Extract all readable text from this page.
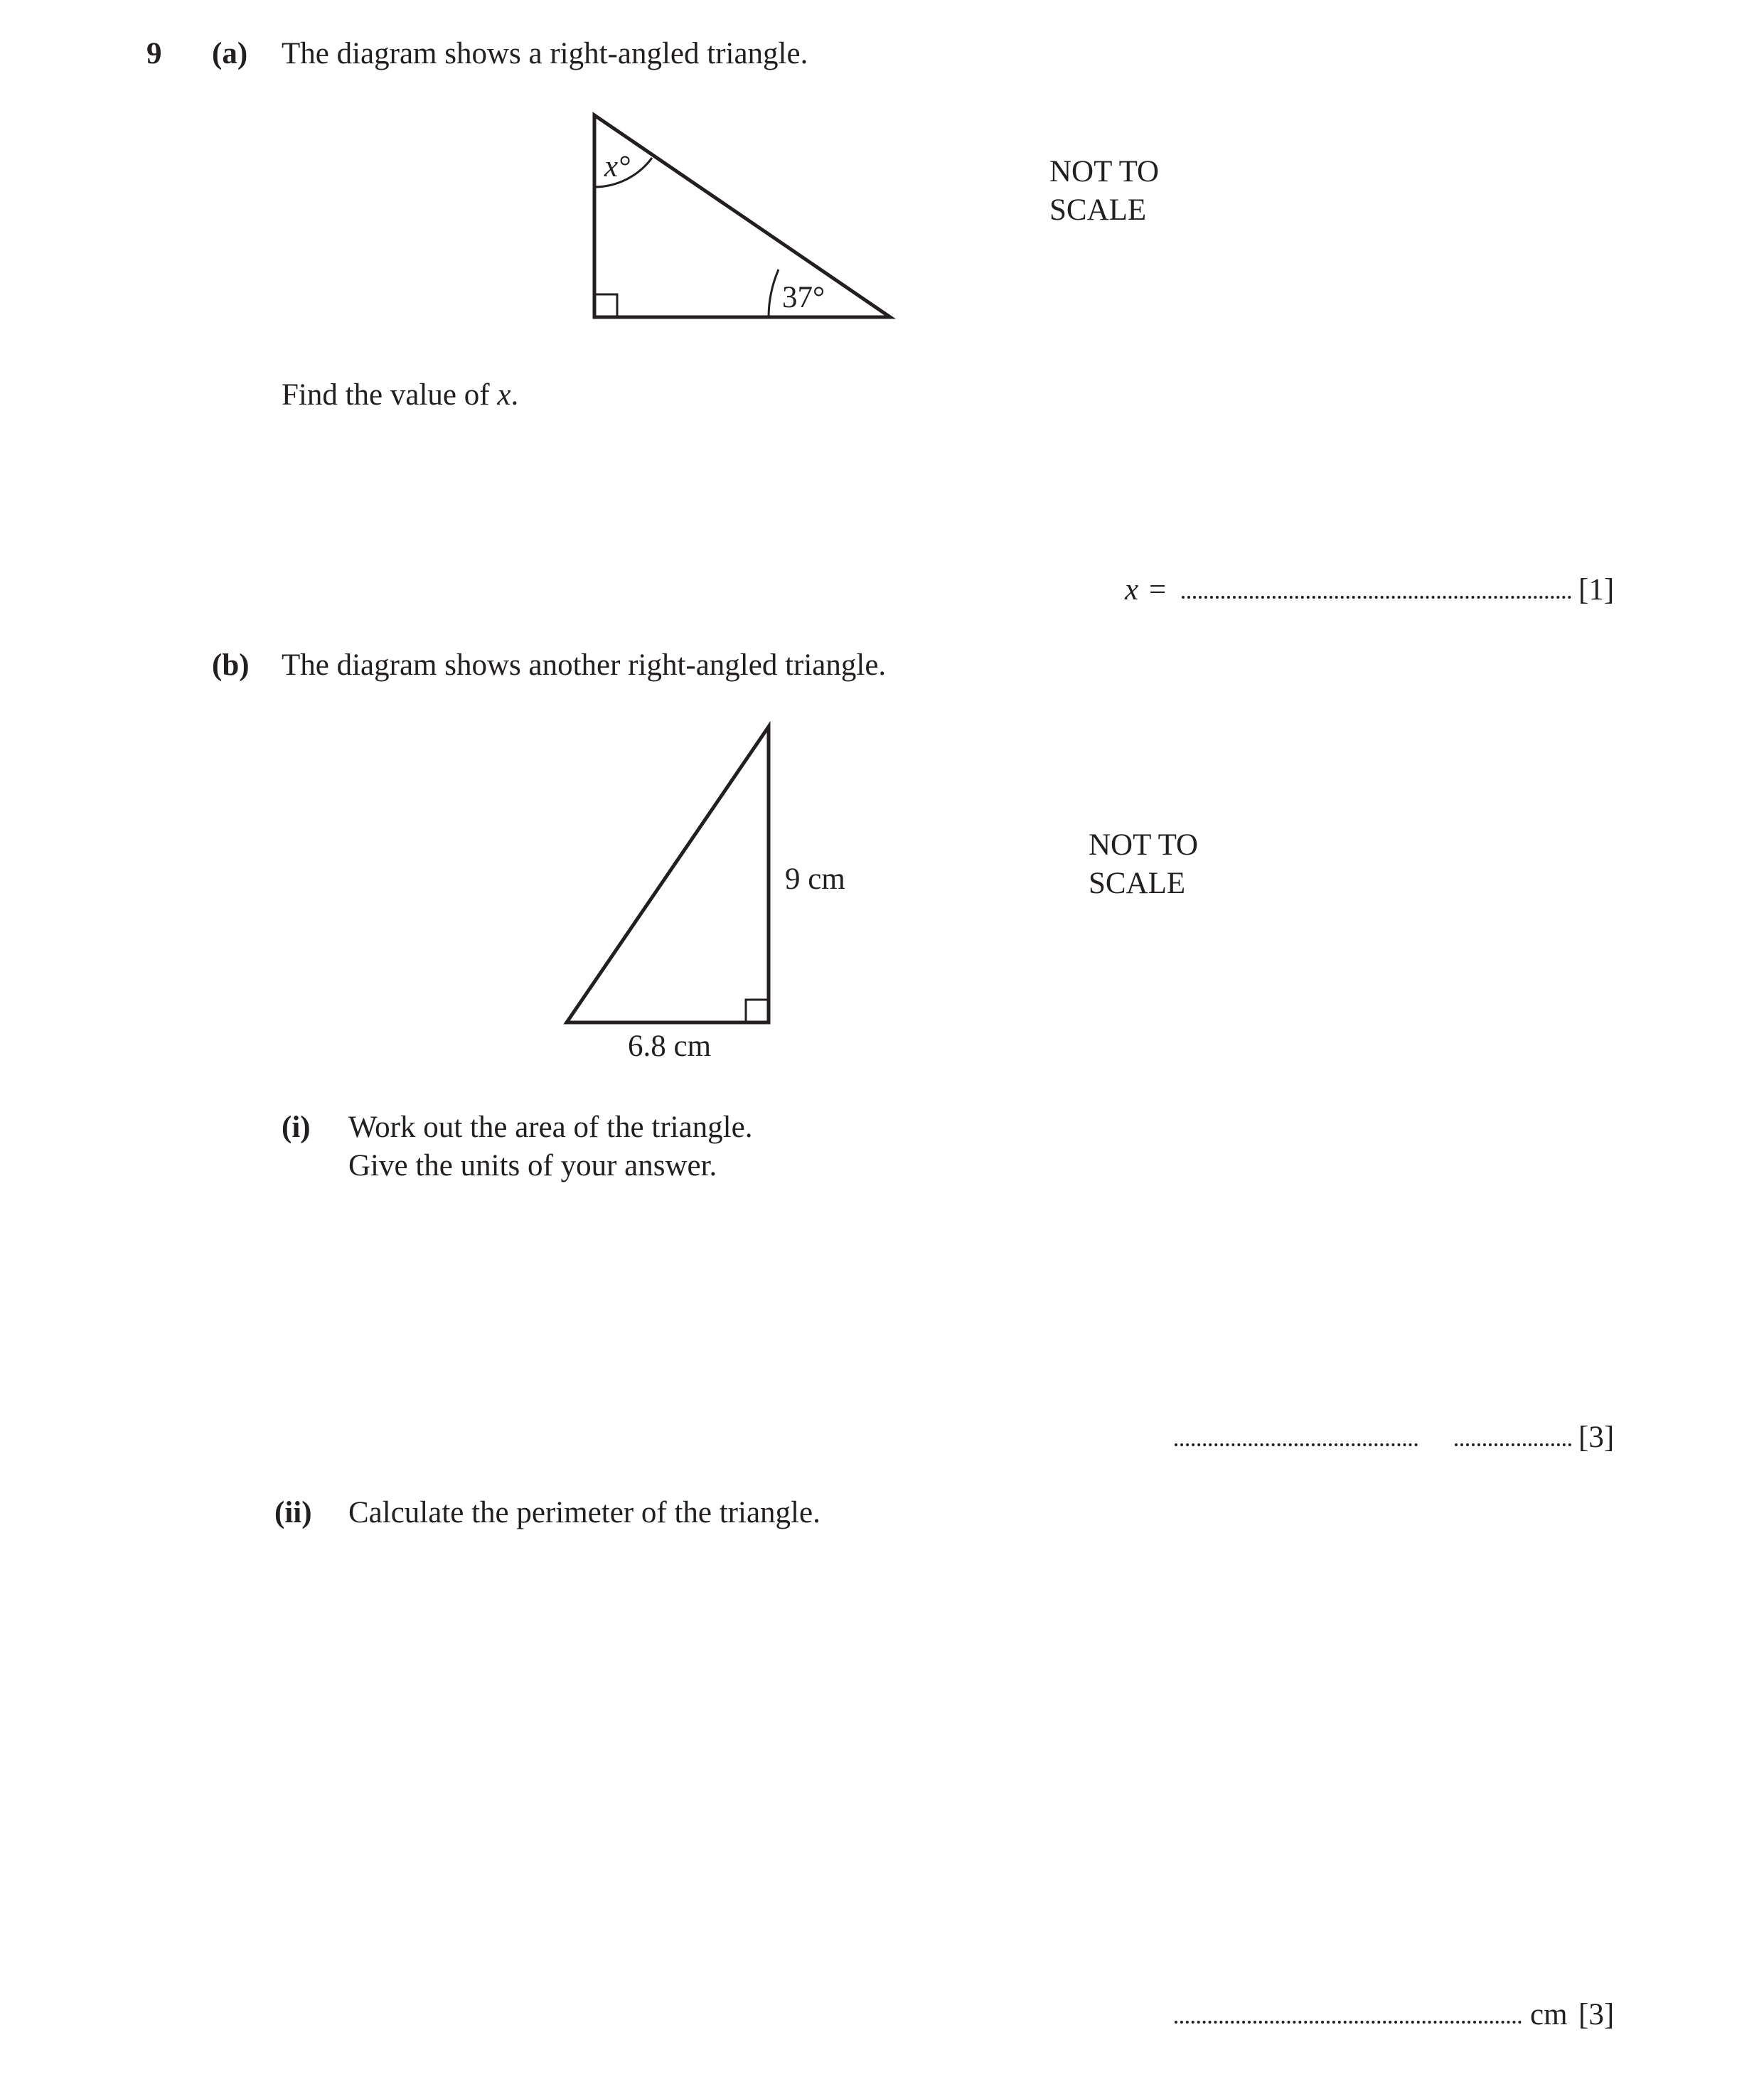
9 (a) The diagram shows a right-angled triangle.
x°
37°
NOT TO
SCALE
Find the value of x.
x =	[1]
(b) The diagram shows another right-angled triangle.
9 cm
6.8 cm
NOT TO
SCALE
(i) Work out the area of the triangle.
Give the units of your answer.
[3]
(ii) Calculate the perimeter of the triangle.
cm [3]
